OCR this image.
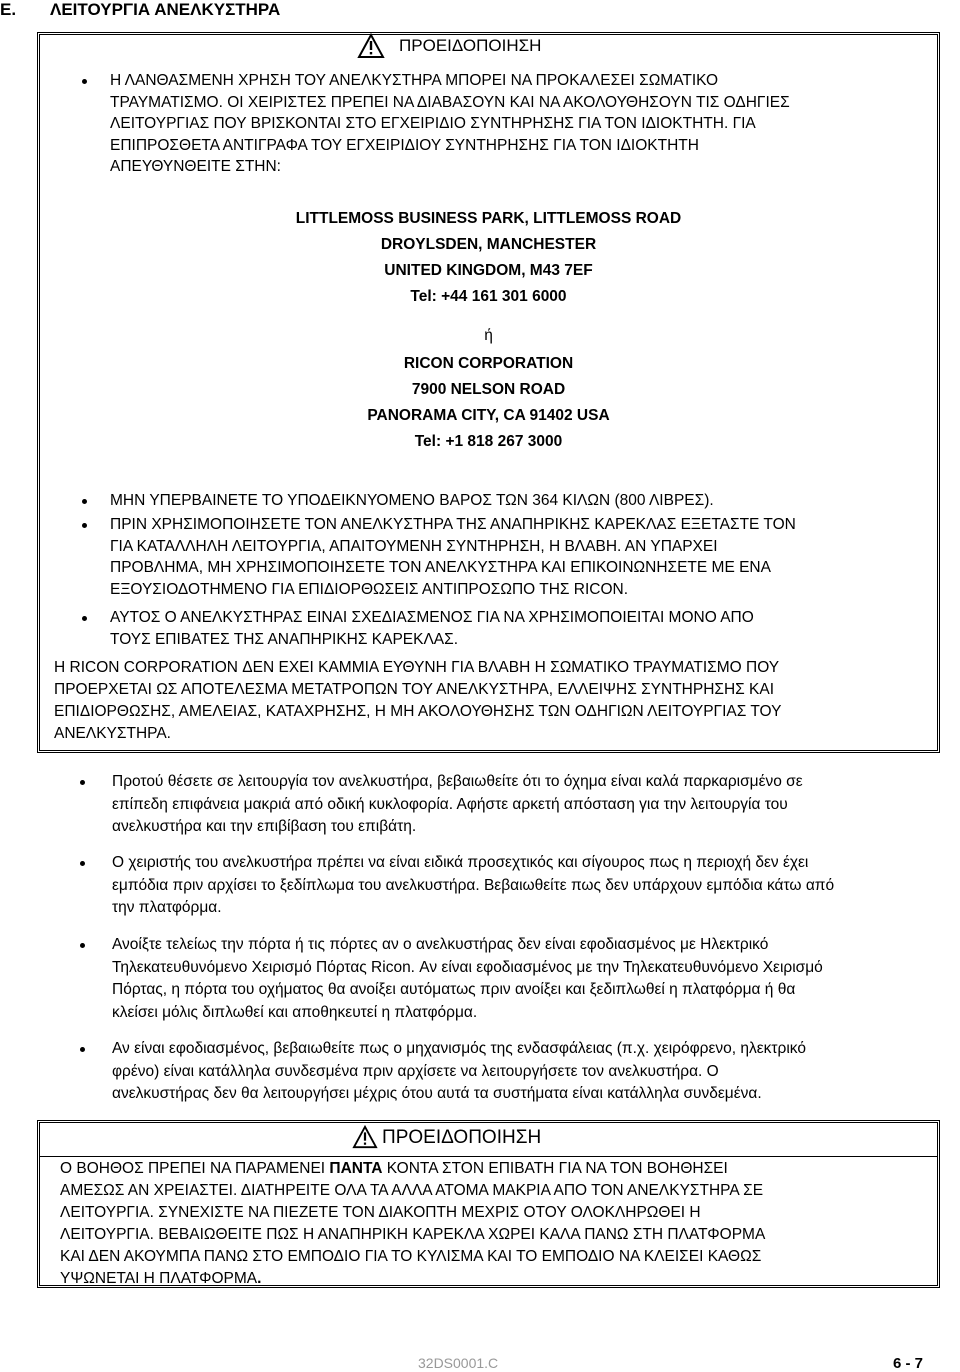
E. ΛΕΙΤΟΥΡΓΙΑ ΑΝΕΛΚΥΣΤΗΡΑ
ΠΡΟΕΙΔΟΠΟΙΗΣΗ
Η ΛΑΝΘΑΣΜΕΝΗ ΧΡΗΣΗ ΤΟΥ ΑΝΕΛΚΥΣΤΗΡΑ ΜΠΟΡΕΙ ΝΑ ΠΡΟΚΑΛΕΣΕΙ ΣΩΜΑΤΙΚΟ
ΤΡΑΥΜΑΤΙΣΜΟ. ΟΙ ΧΕΙΡΙΣΤΕΣ ΠΡΕΠΕΙ ΝΑ ΔΙΑΒΑΣΟΥΝ ΚΑΙ ΝΑ ΑΚΟΛΟΥΘΗΣΟΥΝ ΤΙΣ ΟΔΗΓΙΕΣ
ΛΕΙΤΟΥΡΓΙΑΣ ΠΟΥ ΒΡΙΣΚΟΝΤΑΙ ΣΤΟ ΕΓΧΕΙΡΙΔΙΟ ΣΥΝΤΗΡΗΣΗΣ ΓΙΑ ΤΟΝ ΙΔΙΟΚΤΗΤΗ. ΓΙΑ
ΕΠΙΠΡΟΣΘΕΤΑ ΑΝΤΙΓΡΑΦΑ ΤΟΥ ΕΓΧΕΙΡΙΔΙΟΥ ΣΥΝΤΗΡΗΣΗΣ ΓΙΑ ΤΟΝ ΙΔΙΟΚΤΗΤΗ
ΑΠΕΥΘΥΝΘΕΙΤΕ ΣΤΗΝ:
LITTLEMOSS BUSINESS PARK, LITTLEMOSS ROAD
DROYLSDEN, MANCHESTER
UNITED KINGDOM, M43 7EF
Tel: +44 161 301 6000
ή
RICON CORPORATION
7900 NELSON ROAD
PANORAMA CITY, CA 91402 USA
Tel: +1 818 267 3000
ΜΗΝ ΥΠΕΡΒΑΙΝΕΤΕ ΤΟ ΥΠΟΔΕΙΚΝΥΟΜΕΝΟ ΒΑΡΟΣ ΤΩΝ 364 ΚΙΛΩΝ (800 ΛΙΒΡΕΣ).
ΠΡΙΝ ΧΡΗΣΙΜΟΠΟΙΗΣΕΤΕ ΤΟΝ ΑΝΕΛΚΥΣΤΗΡΑ ΤΗΣ ΑΝΑΠΗΡΙΚΗΣ ΚΑΡΕΚΛΑΣ ΕΞΕΤΑΣΤΕ ΤΟΝ
ΓΙΑ ΚΑΤΑΛΛΗΛΗ ΛΕΙΤΟΥΡΓΙΑ, ΑΠΑΙΤΟΥΜΕΝΗ ΣΥΝΤΗΡΗΣΗ, Η ΒΛΑΒΗ. ΑΝ ΥΠΑΡΧΕΙ
ΠΡΟΒΛΗΜΑ, ΜΗ ΧΡΗΣΙΜΟΠΟΙΗΣΕΤΕ ΤΟΝ ΑΝΕΛΚΥΣΤΗΡΑ ΚΑΙ ΕΠΙΚΟΙΝΩΝΗΣΕΤΕ ΜΕ ΕΝΑ
ΕΞΟΥΣΙΟΔΟΤΗΜΕΝΟ ΓΙΑ ΕΠΙΔΙΟΡΘΩΣΕΙΣ ΑΝΤΙΠΡΟΣΩΠΟ ΤΗΣ RICON.
ΑΥΤΟΣ Ο ΑΝΕΛΚΥΣΤΗΡΑΣ ΕΙΝΑΙ ΣΧΕΔΙΑΣΜΕΝΟΣ ΓΙΑ ΝΑ ΧΡΗΣΙΜΟΠΟΙΕΙΤΑΙ ΜΟΝΟ ΑΠΟ
ΤΟΥΣ ΕΠΙΒΑΤΕΣ ΤΗΣ ΑΝΑΠΗΡΙΚΗΣ ΚΑΡΕΚΛΑΣ.
Η RICON CORPORATION ΔΕΝ ΕΧΕΙ ΚΑΜΜΙΑ ΕΥΘΥΝΗ ΓΙΑ ΒΛΑΒΗ Η ΣΩΜΑΤΙΚΟ ΤΡΑΥΜΑΤΙΣΜΟ ΠΟΥ
ΠΡΟΕΡΧΕΤΑΙ ΩΣ ΑΠΟΤΕΛΕΣΜΑ ΜΕΤΑΤΡΟΠΩΝ ΤΟΥ ΑΝΕΛΚΥΣΤΗΡΑ, ΕΛΛΕΙΨΗΣ ΣΥΝΤΗΡΗΣΗΣ ΚΑΙ
ΕΠΙΔΙΟΡΘΩΣΗΣ, ΑΜΕΛΕΙΑΣ, ΚΑΤΑΧΡΗΣΗΣ, Η ΜΗ ΑΚΟΛΟΥΘΗΣΗΣ ΤΩΝ ΟΔΗΓΙΩΝ ΛΕΙΤΟΥΡΓΙΑΣ ΤΟΥ
ΑΝΕΛΚΥΣΤΗΡΑ.
Προτού θέσετε σε λειτουργία τον ανελκυστήρα, βεβαιωθείτε ότι το όχημα είναι καλά παρκαρισμένο σε
επίπεδη επιφάνεια μακριά από οδική κυκλοφορία. Αφήστε αρκετή απόσταση για την λειτουργία του
ανελκυστήρα και την επιβίβαση του επιβάτη.
Ο χειριστής του ανελκυστήρα πρέπει να είναι ειδικά προσεχτικός και σίγουρος πως η περιοχή δεν έχει
εμπόδια πριν αρχίσει το ξεδίπλωμα του ανελκυστήρα. Βεβαιωθείτε πως δεν υπάρχουν εμπόδια κάτω από
την πλατφόρμα.
Ανοίξτε τελείως την πόρτα ή τις πόρτες αν ο ανελκυστήρας δεν είναι εφοδιασμένος με Ηλεκτρικό
Τηλεκατευθυνόμενο Χειρισμό Πόρτας Ricon. Αν είναι εφοδιασμένος με την Τηλεκατευθυνόμενο Χειρισμό
Πόρτας, η πόρτα του οχήματος θα ανοίξει αυτόματως πριν ανοίξει και ξεδιπλωθεί η πλατφόρμα ή θα
κλείσει μόλις διπλωθεί και αποθηκευτεί η πλατφόρμα.
Αν είναι εφοδιασμένος, βεβαιωθείτε πως ο μηχανισμός της ενδασφάλειας (π.χ. χειρόφρενο, ηλεκτρικό
φρένο) είναι κατάλληλα συνδεσμένα πριν αρχίσετε να λειτουργήσετε τον ανελκυστήρα. Ο
ανελκυστήρας δεν θα λειτουργήσει μέχρις ότου αυτά τα συστήματα είναι κατάλληλα συνδεμένα.
ΠΡΟΕΙΔΟΠΟΙΗΣΗ
Ο ΒΟΗΘΟΣ ΠΡΕΠΕΙ ΝΑ ΠΑΡΑΜΕΝΕΙ ΠΑΝΤΑ ΚΟΝΤΑ ΣΤΟΝ ΕΠΙΒΑΤΗ ΓΙΑ ΝΑ ΤΟΝ ΒΟΗΘΗΣΕΙ
ΑΜΕΣΩΣ ΑΝ ΧΡΕΙΑΣΤΕΙ. ΔΙΑΤΗΡΕΙΤΕ ΟΛΑ ΤΑ ΑΛΛΑ ΑΤΟΜΑ ΜΑΚΡΙΑ ΑΠΟ ΤΟΝ ΑΝΕΛΚΥΣΤΗΡΑ ΣΕ
ΛΕΙΤΟΥΡΓΙΑ. ΣΥΝΕΧΙΣΤΕ ΝΑ ΠΙΕΖΕΤΕ ΤΟΝ ΔΙΑΚΟΠΤΗ ΜΕΧΡΙΣ ΟΤΟΥ ΟΛΟΚΛΗΡΩΘΕΙ Η
ΛΕΙΤΟΥΡΓΙΑ. ΒΕΒΑΙΩΘΕΙΤΕ ΠΩΣ Η ΑΝΑΠΗΡΙΚΗ ΚΑΡΕΚΛΑ ΧΩΡΕΙ ΚΑΛΑ ΠΑΝΩ ΣΤΗ ΠΛΑΤΦΟΡΜΑ
ΚΑΙ ΔΕΝ ΑΚΟΥΜΠΑ ΠΑΝΩ ΣΤΟ ΕΜΠΟΔΙΟ ΓΙΑ ΤΟ ΚΥΛΙΣΜΑ ΚΑΙ ΤΟ ΕΜΠΟΔΙΟ ΝΑ ΚΛΕΙΣΕΙ ΚΑΘΩΣ
ΥΨΩΝΕΤΑΙ Η ΠΛΑΤΦΟΡΜΑ.
32DS0001.C	6 - 7
